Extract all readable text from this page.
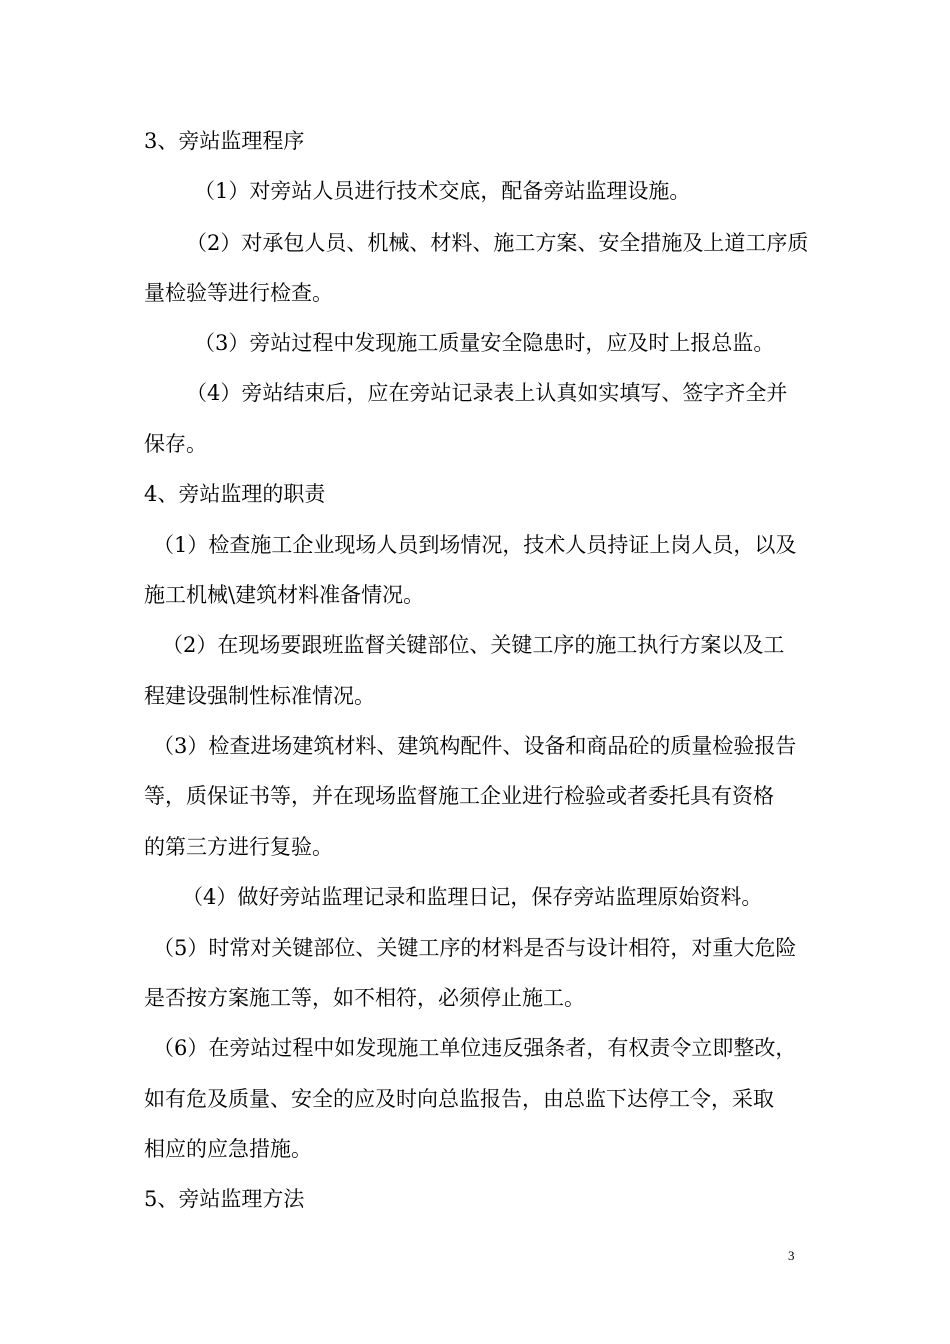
3、旁站监理程序
（1）对旁站人员进行技术交底，配备旁站监理设施。
（2）对承包人员、机械、材料、施工方案、安全措施及上道工序质
量检验等进行检查。
（3）旁站过程中发现施工质量安全隐患时，应及时上报总监。
（4）旁站结束后，应在旁站记录表上认真如实填写、签字齐全并
保存。
4、旁站监理的职责
（1）检查施工企业现场人员到场情况，技术人员持证上岗人员，以及
施工机械\建筑材料准备情况。
（2）在现场要跟班监督关键部位、关键工序的施工执行方案以及工
程建设强制性标准情况。
（3）检查进场建筑材料、建筑构配件、设备和商品砼的质量检验报告
等，质保证书等，并在现场监督施工企业进行检验或者委托具有资格
的第三方进行复验。
（4）做好旁站监理记录和监理日记，保存旁站监理原始资料。
（5）时常对关键部位、关键工序的材料是否与设计相符，对重大危险
是否按方案施工等，如不相符，必须停止施工。
（6）在旁站过程中如发现施工单位违反强条者，有权责令立即整改，
如有危及质量、安全的应及时向总监报告，由总监下达停工令，采取
相应的应急措施。
5、旁站监理方法
3
